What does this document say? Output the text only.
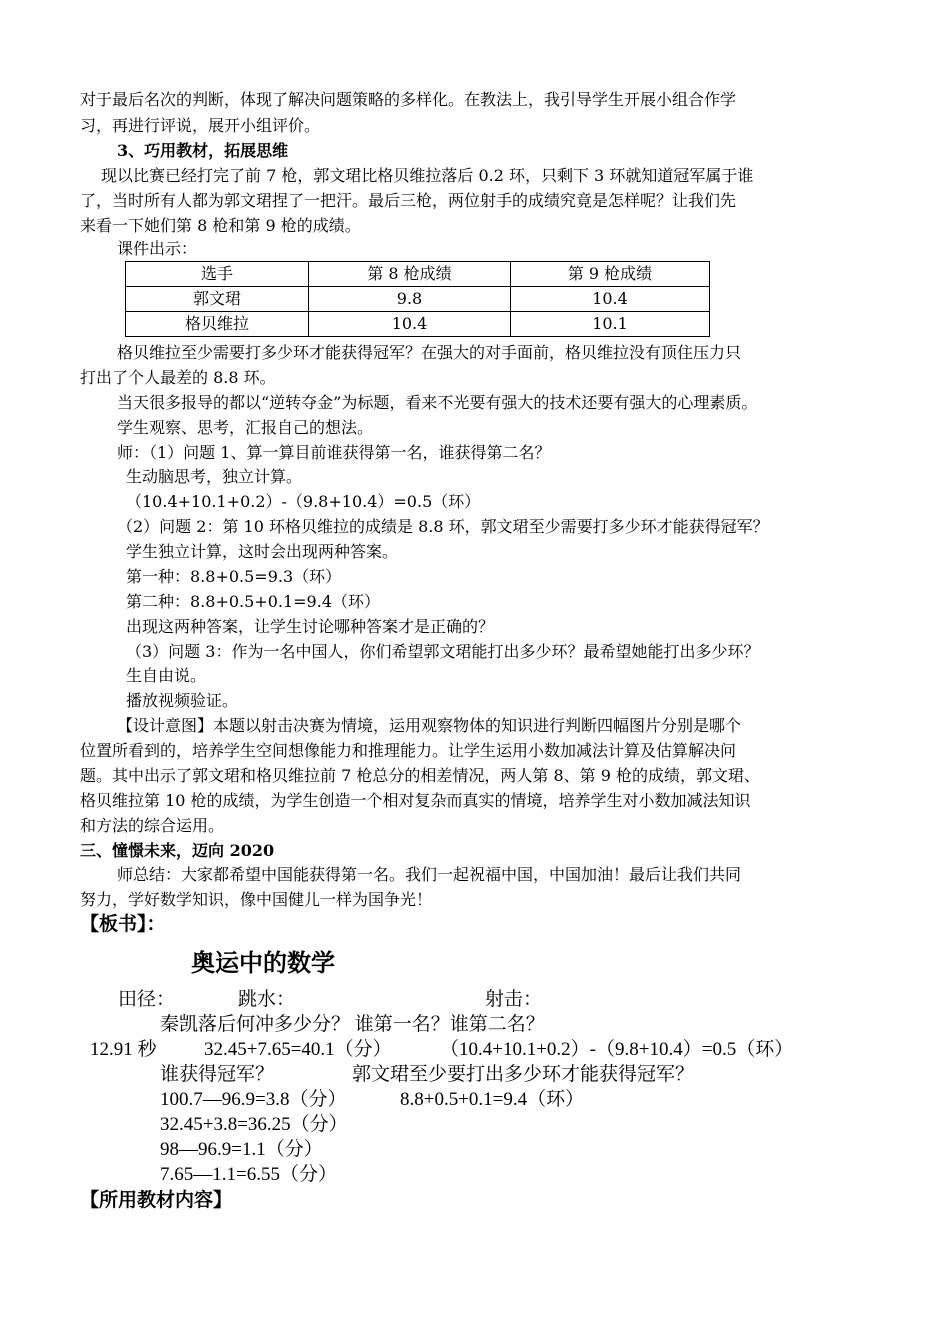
对于最后名次的判断，体现了解决问题策略的多样化。在教法上，我引导学生开展小组合作学
习，再进行评说，展开小组评价。
3、巧用教材，拓展思维
现以比赛已经打完了前 7 枪，郭文珺比格贝维拉落后 0.2 环，只剩下 3 环就知道冠军属于谁
了，当时所有人都为郭文珺捏了一把汗。最后三枪，两位射手的成绩究竟是怎样呢？让我们先
来看一下她们第 8 枪和第 9 枪的成绩。
课件出示：
选手	第 8 枪成绩	第 9 枪成绩
郭文珺	9.8	10.4
格贝维拉	10.4	10.1
格贝维拉至少需要打多少环才能获得冠军？在强大的对手面前，格贝维拉没有顶住压力只
打出了个人最差的 8.8 环。
当天很多报导的都以“逆转夺金”为标题，看来不光要有强大的技术还要有强大的心理素质。
学生观察、思考，汇报自己的想法。
师：（1）问题 1、算一算目前谁获得第一名，谁获得第二名？
生动脑思考，独立计算。
（10.4+10.1+0.2）-（9.8+10.4）=0.5（环）
（2）问题 2：第 10 环格贝维拉的成绩是 8.8 环，郭文珺至少需要打多少环才能获得冠军？
学生独立计算，这时会出现两种答案。
第一种：8.8+0.5=9.3（环）
第二种：8.8+0.5+0.1=9.4（环）
出现这两种答案，让学生讨论哪种答案才是正确的？
（3）问题 3：作为一名中国人，你们希望郭文珺能打出多少环？最希望她能打出多少环？
生自由说。
播放视频验证。
【设计意图】本题以射击决赛为情境，运用观察物体的知识进行判断四幅图片分别是哪个
位置所看到的，培养学生空间想像能力和推理能力。让学生运用小数加减法计算及估算解决问
题。其中出示了郭文珺和格贝维拉前 7 枪总分的相差情况，两人第 8、第 9 枪的成绩，郭文珺、
格贝维拉第 10 枪的成绩，为学生创造一个相对复杂而真实的情境，培养学生对小数加减法知识
和方法的综合运用。
三、憧憬未来，迈向 2020
师总结：大家都希望中国能获得第一名。我们一起祝福中国，中国加油！最后让我们共同
努力，学好数学知识，像中国健儿一样为国争光！
【板书】：
奥运中的数学
田径：	跳水：	射击：
秦凯落后何冲多少分？ 谁第一名？谁第二名？
12.91 秒 32.45+7.65=40.1（分）	（10.4+10.1+0.2）-（9.8+10.4）=0.5（环）
谁获得冠军？	郭文珺至少要打出多少环才能获得冠军？
100.7—96.9=3.8（分）	8.8+0.5+0.1=9.4（环）
32.45+3.8=36.25（分）
98—96.9=1.1（分）
7.65—1.1=6.55（分）
【所用教材内容】
